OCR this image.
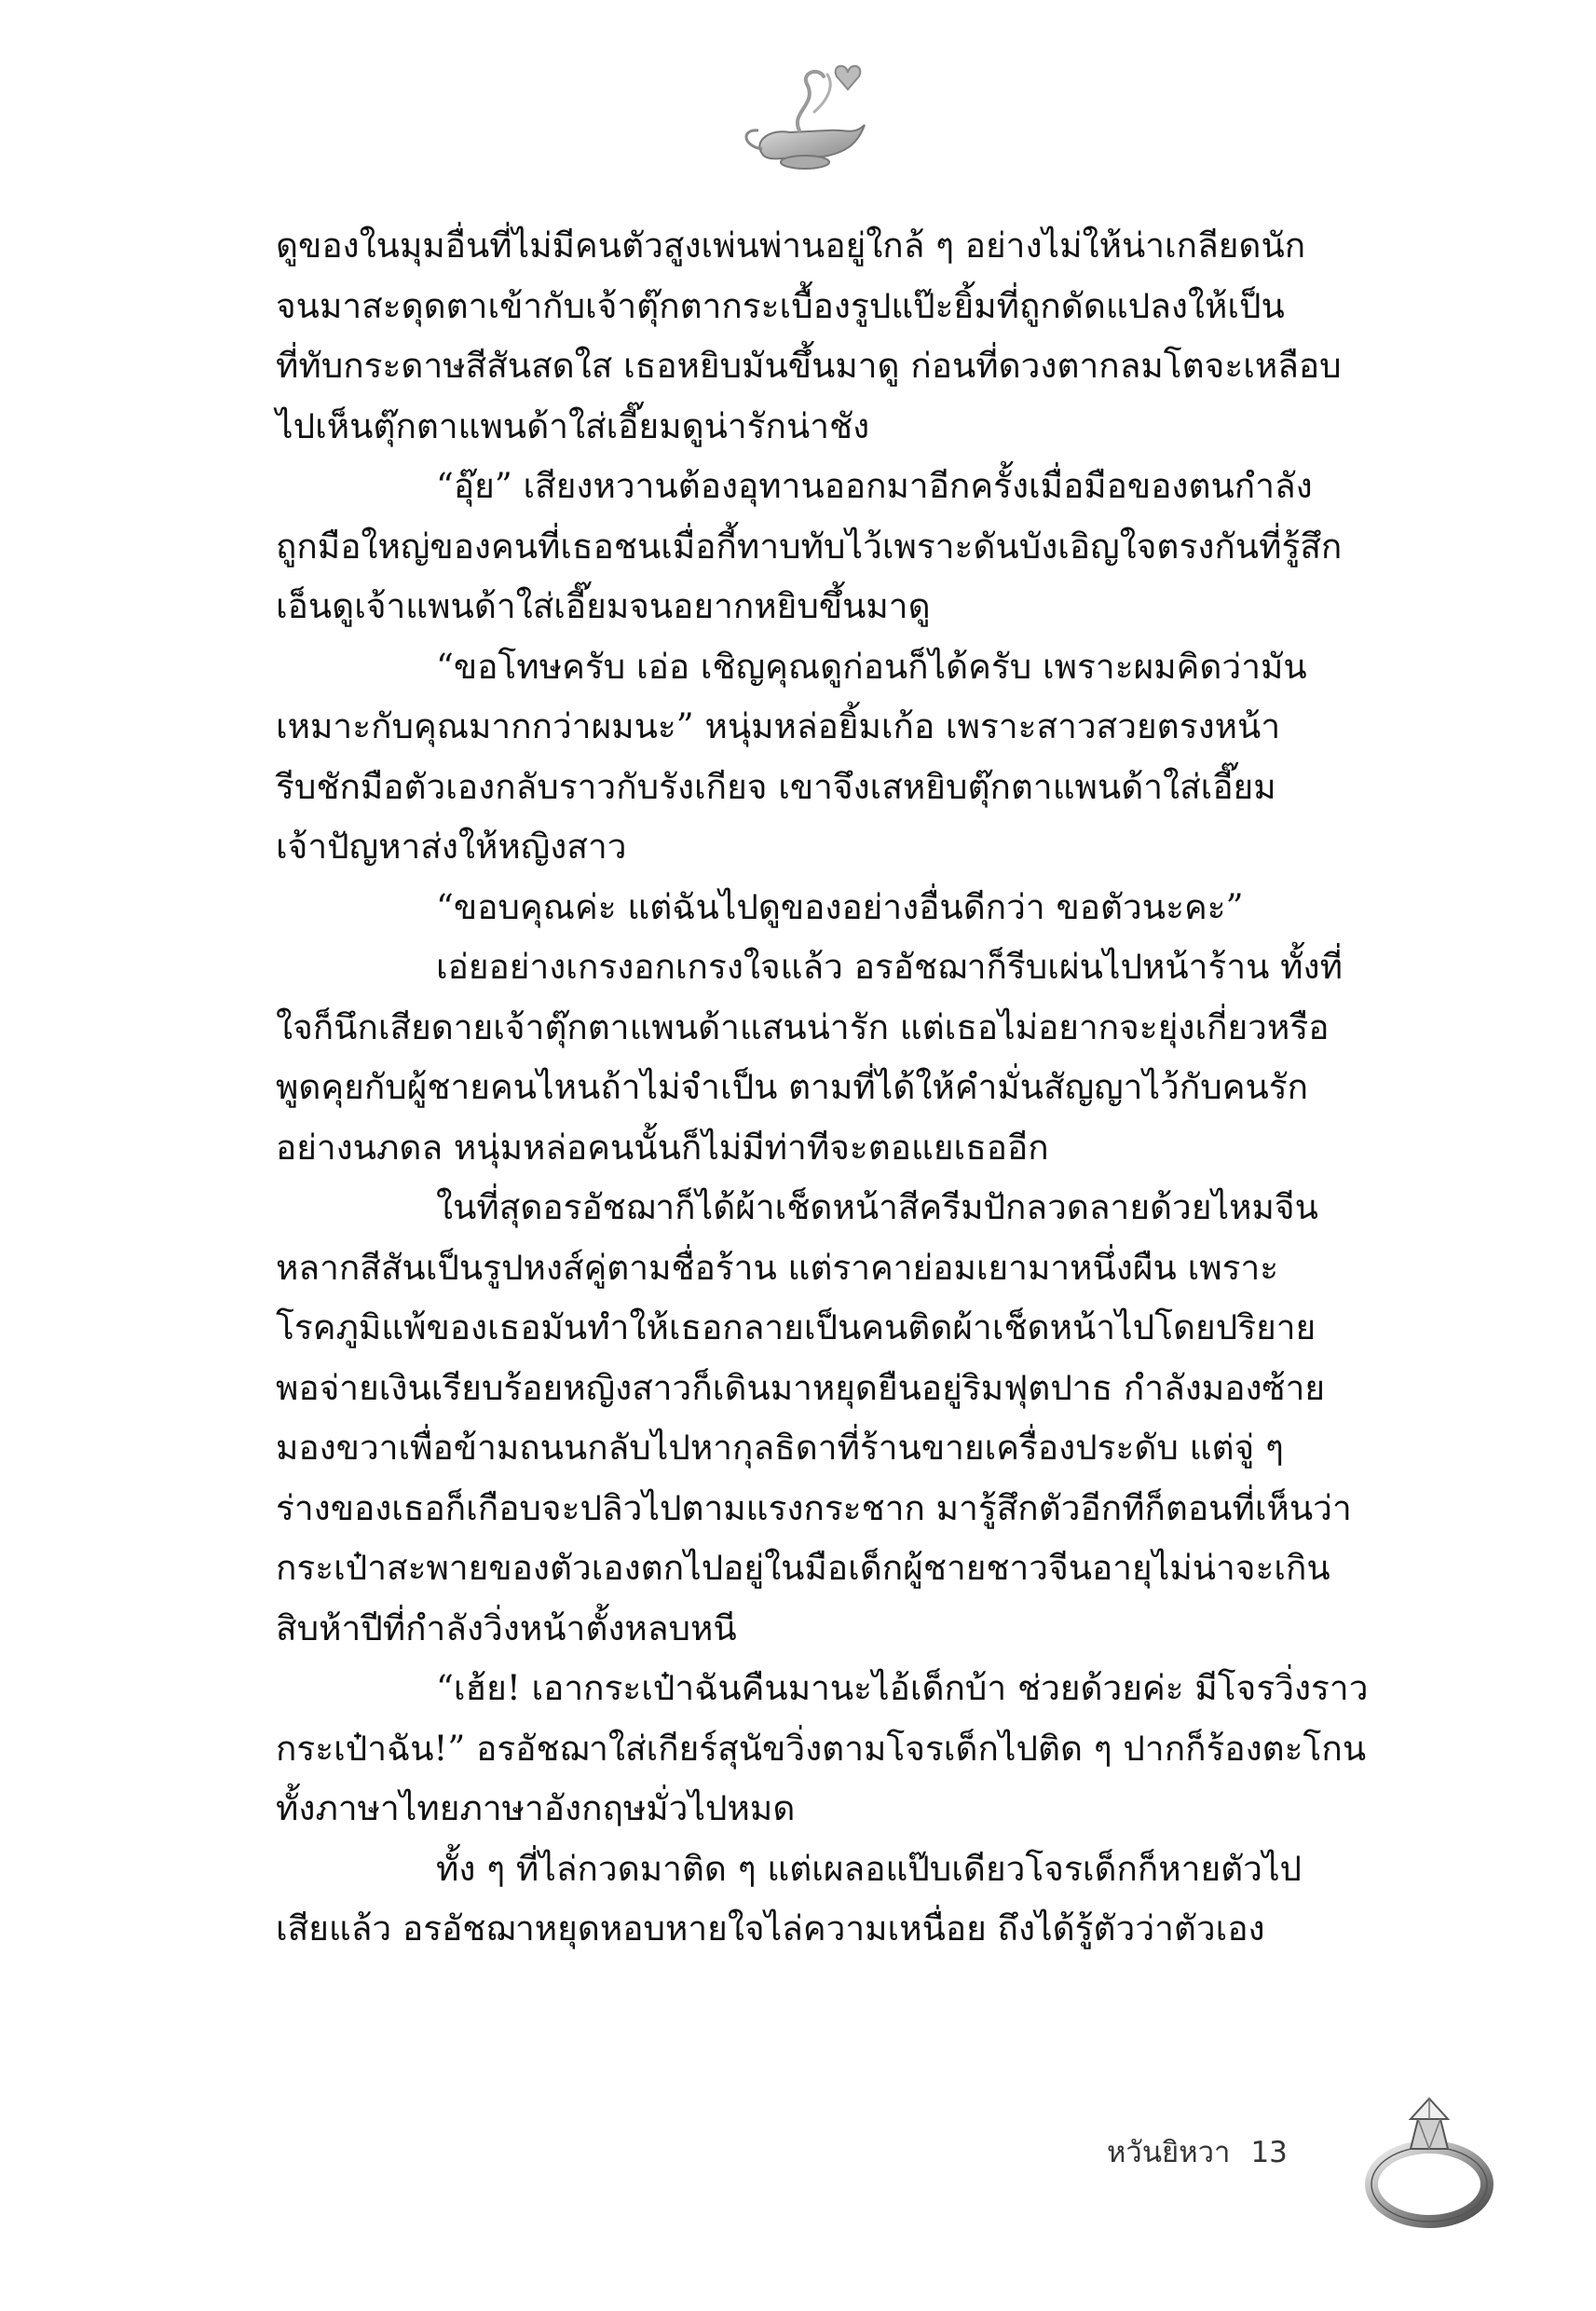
ดูของในมุมอื่นที่ไม่มีคนตัวสูงเพ่นพ่านอยู่ใกล้ ๆ อย่างไม่ให้น่าเกลียดนัก
จนมาสะดุดตาเข้ากับเจ้าตุ๊กตากระเบื้องรูปแป๊ะยิ้มที่ถูกดัดแปลงให้เป็น
ที่ทับกระดาษสีสันสดใส เธอหยิบมันขึ้นมาดู ก่อนที่ดวงตากลมโตจะเหลือบ
ไปเห็นตุ๊กตาแพนด้าใส่เอี๊ยมดูน่ารักน่าชัง
“อุ๊ย” เสียงหวานต้องอุทานออกมาอีกครั้งเมื่อมือของตนกำลัง
ถูกมือใหญ่ของคนที่เธอชนเมื่อกี้ทาบทับไว้เพราะดันบังเอิญใจตรงกันที่รู้สึก
เอ็นดูเจ้าแพนด้าใส่เอี๊ยมจนอยากหยิบขึ้นมาดู
“ขอโทษครับ เอ่อ เชิญคุณดูก่อนก็ได้ครับ เพราะผมคิดว่ามัน
เหมาะกับคุณมากกว่าผมนะ” หนุ่มหล่อยิ้มเก้อ เพราะสาวสวยตรงหน้า
รีบชักมือตัวเองกลับราวกับรังเกียจ เขาจึงเสหยิบตุ๊กตาแพนด้าใส่เอี๊ยม
เจ้าปัญหาส่งให้หญิงสาว
“ขอบคุณค่ะ แต่ฉันไปดูของอย่างอื่นดีกว่า ขอตัวนะคะ”
เอ่ยอย่างเกรงอกเกรงใจแล้ว อรอัชฌาก็รีบเผ่นไปหน้าร้าน ทั้งที่
ใจก็นึกเสียดายเจ้าตุ๊กตาแพนด้าแสนน่ารัก แต่เธอไม่อยากจะยุ่งเกี่ยวหรือ
พูดคุยกับผู้ชายคนไหนถ้าไม่จำเป็น ตามที่ได้ให้คำมั่นสัญญาไว้กับคนรัก
อย่างนภดล หนุ่มหล่อคนนั้นก็ไม่มีท่าทีจะตอแยเธออีก
ในที่สุดอรอัชฌาก็ได้ผ้าเช็ดหน้าสีครีมปักลวดลายด้วยไหมจีน
หลากสีสันเป็นรูปหงส์คู่ตามชื่อร้าน แต่ราคาย่อมเยามาหนึ่งผืน เพราะ
โรคภูมิแพ้ของเธอมันทำให้เธอกลายเป็นคนติดผ้าเช็ดหน้าไปโดยปริยาย
พอจ่ายเงินเรียบร้อยหญิงสาวก็เดินมาหยุดยืนอยู่ริมฟุตปาธ กำลังมองซ้าย
มองขวาเพื่อข้ามถนนกลับไปหากุลธิดาที่ร้านขายเครื่องประดับ แต่จู่ ๆ
ร่างของเธอก็เกือบจะปลิวไปตามแรงกระชาก มารู้สึกตัวอีกทีก็ตอนที่เห็นว่า
กระเป๋าสะพายของตัวเองตกไปอยู่ในมือเด็กผู้ชายชาวจีนอายุไม่น่าจะเกิน
สิบห้าปีที่กำลังวิ่งหน้าตั้งหลบหนี
“เฮ้ย! เอากระเป๋าฉันคืนมานะไอ้เด็กบ้า ช่วยด้วยค่ะ มีโจรวิ่งราว
กระเป๋าฉัน!” อรอัชฌาใส่เกียร์สุนัขวิ่งตามโจรเด็กไปติด ๆ ปากก็ร้องตะโกน
ทั้งภาษาไทยภาษาอังกฤษมั่วไปหมด
ทั้ง ๆ ที่ไล่กวดมาติด ๆ แต่เผลอแป๊บเดียวโจรเด็กก็หายตัวไป
เสียแล้ว อรอัชฌาหยุดหอบหายใจไล่ความเหนื่อย ถึงได้รู้ตัวว่าตัวเอง
หวันยิหวา 13
